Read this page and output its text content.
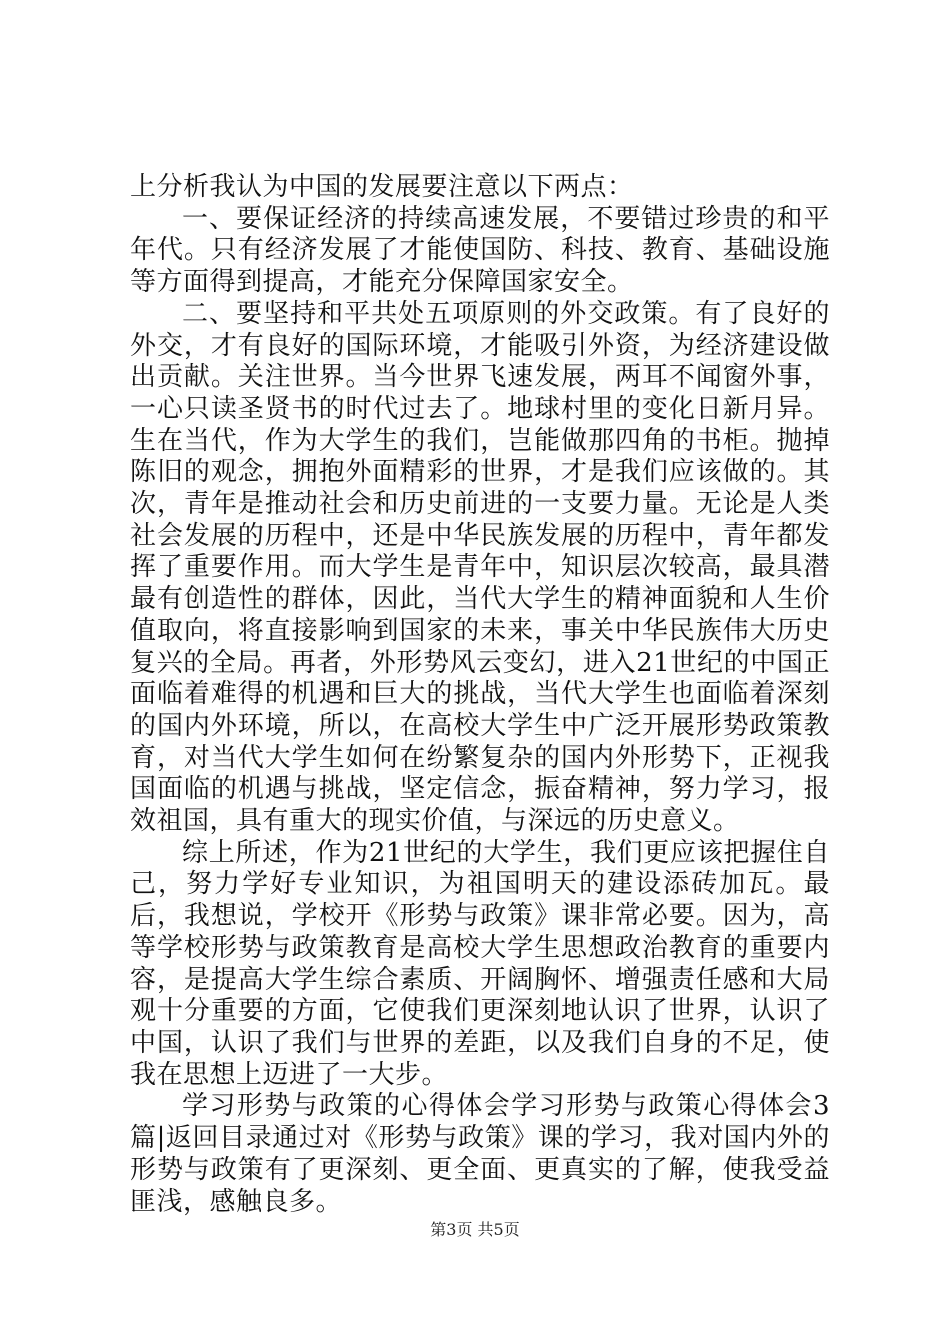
上分析我认为中国的发展要注意以下两点：

一、要保证经济的持续高速发展，不要错过珍贵的和平年代。只有经济发展了才能使国防、科技、教育、基础设施等方面得到提高，才能充分保障国家安全。

二、要坚持和平共处五项原则的外交政策。有了良好的外交，才有良好的国际环境，才能吸引外资，为经济建设做出贡献。关注世界。当今世界飞速发展，两耳不闻窗外事，一心只读圣贤书的时代过去了。地球村里的变化日新月异。生在当代，作为大学生的我们，岂能做那四角的书柜。抛掉陈旧的观念，拥抱外面精彩的世界，才是我们应该做的。其次，青年是推动社会和历史前进的一支要力量。无论是人类社会发展的历程中，还是中华民族发展的历程中，青年都发挥了重要作用。而大学生是青年中，知识层次较高，最具潜最有创造性的群体，因此，当代大学生的精神面貌和人生价值取向，将直接影响到国家的未来，事关中华民族伟大历史复兴的全局。再者，外形势风云变幻，进入21世纪的中国正面临着难得的机遇和巨大的挑战，当代大学生也面临着深刻的国内外环境，所以，在高校大学生中广泛开展形势政策教育，对当代大学生如何在纷繁复杂的国内外形势下，正视我国面临的机遇与挑战，坚定信念，振奋精神，努力学习，报效祖国，具有重大的现实价值，与深远的历史意义。

综上所述，作为21世纪的大学生，我们更应该把握住自己，努力学好专业知识，为祖国明天的建设添砖加瓦。最后，我想说，学校开《形势与政策》课非常必要。因为，高等学校形势与政策教育是高校大学生思想政治教育的重要内容，是提高大学生综合素质、开阔胸怀、增强责任感和大局观十分重要的方面，它使我们更深刻地认识了世界，认识了中国，认识了我们与世界的差距，以及我们自身的不足，使我在思想上迈进了一大步。

学习形势与政策的心得体会学习形势与政策心得体会3篇|返回目录通过对《形势与政策》课的学习，我对国内外的形势与政策有了更深刻、更全面、更真实的了解，使我受益匪浅，感触良多。

第3页 共5页
